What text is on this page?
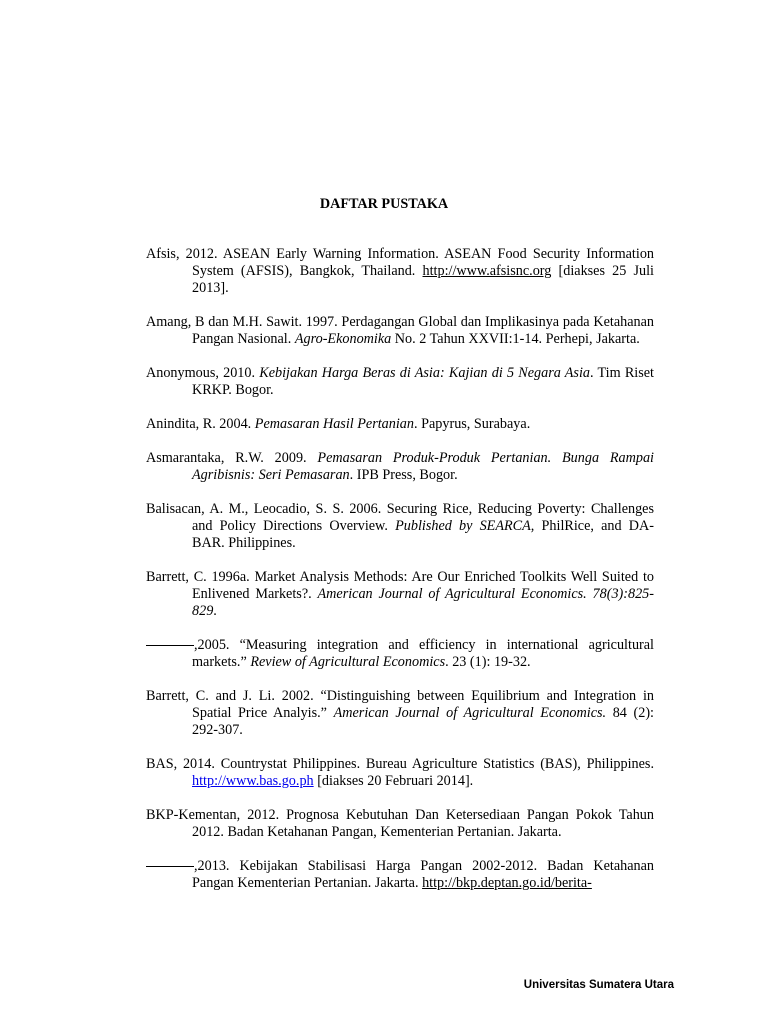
DAFTAR PUSTAKA

Afsis, 2012. ASEAN Early Warning Information. ASEAN Food Security Information System (AFSIS), Bangkok, Thailand. http://www.afsisnc.org [diakses 25 Juli 2013].

Amang, B dan M.H. Sawit. 1997. Perdagangan Global dan Implikasinya pada Ketahanan Pangan Nasional. Agro-Ekonomika No. 2 Tahun XXVII:1-14. Perhepi, Jakarta.

Anonymous, 2010. Kebijakan Harga Beras di Asia: Kajian di 5 Negara Asia. Tim Riset KRKP. Bogor.

Anindita, R. 2004. Pemasaran Hasil Pertanian. Papyrus, Surabaya.

Asmarantaka, R.W. 2009. Pemasaran Produk-Produk Pertanian. Bunga Rampai Agribisnis: Seri Pemasaran. IPB Press, Bogor.

Balisacan, A. M., Leocadio, S. S. 2006. Securing Rice, Reducing Poverty: Challenges and Policy Directions Overview. Published by SEARCA, PhilRice, and DA-BAR. Philippines.

Barrett, C. 1996a. Market Analysis Methods: Are Our Enriched Toolkits Well Suited to Enlivened Markets?. American Journal of Agricultural Economics. 78(3):825-829.

,2005. “Measuring integration and efficiency in international agricultural markets.” Review of Agricultural Economics. 23 (1): 19-32.

Barrett, C. and J. Li. 2002. “Distinguishing between Equilibrium and Integration in Spatial Price Analyis.” American Journal of Agricultural Economics. 84 (2): 292-307.

BAS, 2014. Countrystat Philippines. Bureau Agriculture Statistics (BAS), Philippines. http://www.bas.go.ph [diakses 20 Februari 2014].

BKP-Kementan, 2012. Prognosa Kebutuhan Dan Ketersediaan Pangan Pokok Tahun 2012. Badan Ketahanan Pangan, Kementerian Pertanian. Jakarta.

,2013. Kebijakan Stabilisasi Harga Pangan 2002-2012. Badan Ketahanan Pangan Kementerian Pertanian. Jakarta. http://bkp.deptan.go.id/berita-

Universitas Sumatera Utara
